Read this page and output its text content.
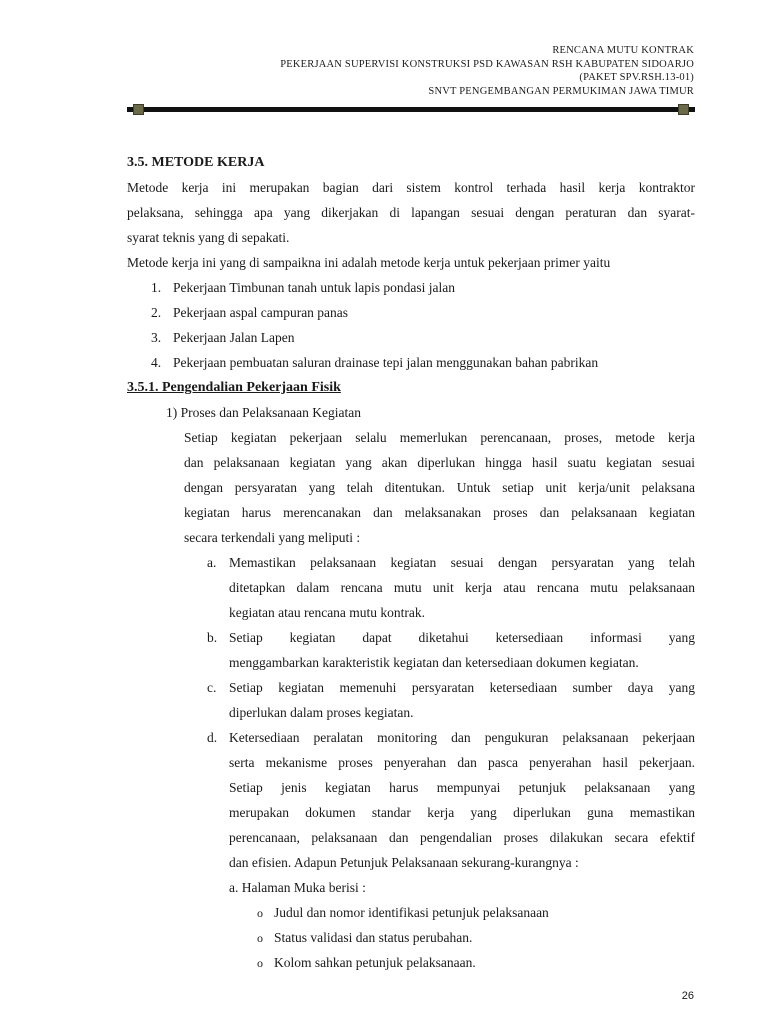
RENCANA MUTU KONTRAK
PEKERJAAN SUPERVISI KONSTRUKSI PSD KAWASAN RSH KABUPATEN SIDOARJO
(PAKET SPV.RSH.13-01)
SNVT PENGEMBANGAN PERMUKIMAN JAWA TIMUR
3.5. METODE KERJA
Metode kerja ini merupakan bagian dari sistem kontrol terhada hasil kerja kontraktor
pelaksana, sehingga apa yang dikerjakan di lapangan sesuai dengan peraturan dan syarat-
syarat teknis yang di sepakati.
Metode kerja ini yang di sampaikna ini adalah metode kerja untuk pekerjaan primer yaitu
1. Pekerjaan Timbunan tanah untuk lapis pondasi jalan
2. Pekerjaan aspal campuran panas
3. Pekerjaan Jalan Lapen
4. Pekerjaan pembuatan saluran drainase tepi jalan menggunakan bahan pabrikan
3.5.1. Pengendalian Pekerjaan Fisik
1) Proses dan Pelaksanaan Kegiatan
Setiap kegiatan pekerjaan selalu memerlukan perencanaan, proses, metode kerja
dan pelaksanaan kegiatan yang akan diperlukan hingga hasil suatu kegiatan sesuai
dengan persyaratan yang telah ditentukan. Untuk setiap unit kerja/unit pelaksana
kegiatan harus merencanakan dan melaksanakan proses dan pelaksanaan kegiatan
secara terkendali yang meliputi :
a. Memastikan pelaksanaan kegiatan sesuai dengan persyaratan yang telah
ditetapkan dalam rencana mutu unit kerja atau rencana mutu pelaksanaan
kegiatan atau rencana mutu kontrak.
b. Setiap kegiatan dapat diketahui ketersediaan informasi yang
menggambarkan karakteristik kegiatan dan ketersediaan dokumen kegiatan.
c. Setiap kegiatan memenuhi persyaratan ketersediaan sumber daya yang
diperlukan dalam proses kegiatan.
d. Ketersediaan peralatan monitoring dan pengukuran pelaksanaan pekerjaan
serta mekanisme proses penyerahan dan pasca penyerahan hasil pekerjaan.
Setiap jenis kegiatan harus mempunyai petunjuk pelaksanaan yang
merupakan dokumen standar kerja yang diperlukan guna memastikan
perencanaan, pelaksanaan dan pengendalian proses dilakukan secara efektif
dan efisien. Adapun Petunjuk Pelaksanaan sekurang-kurangnya :
a. Halaman Muka berisi :
o Judul dan nomor identifikasi petunjuk pelaksanaan
o Status validasi dan status perubahan.
o Kolom sahkan petunjuk pelaksanaan.
26
